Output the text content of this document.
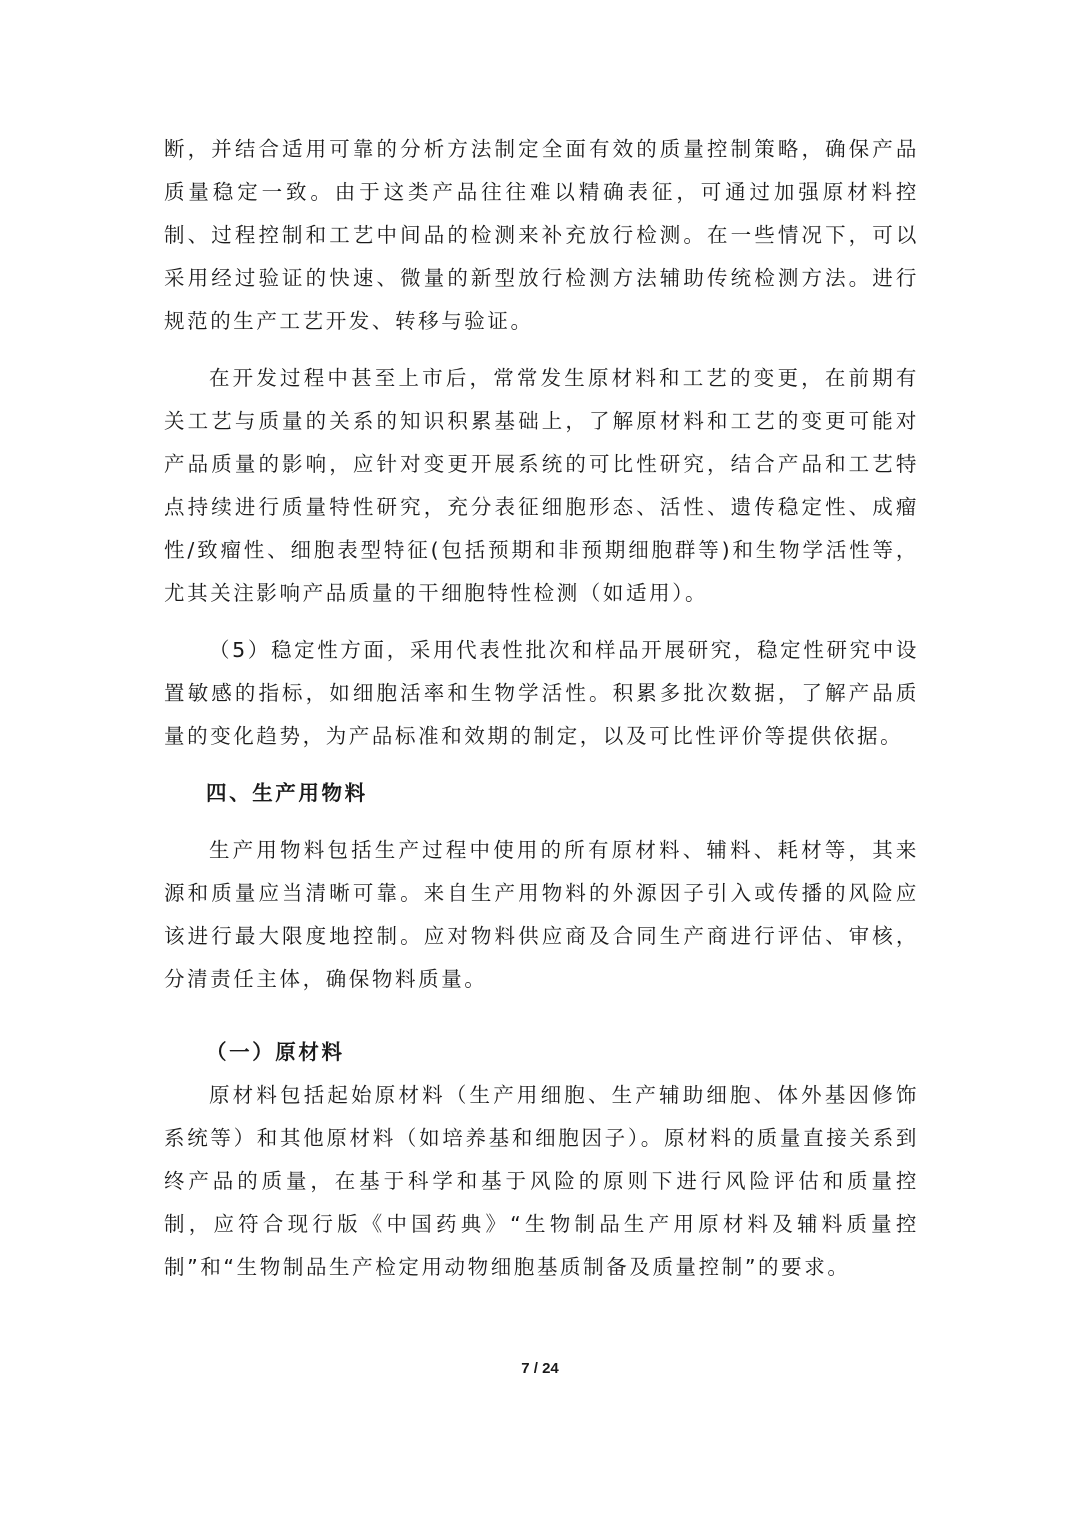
断，并结合适用可靠的分析方法制定全面有效的质量控制策略，确保产品质量稳定一致。由于这类产品往往难以精确表征，可通过加强原材料控制、过程控制和工艺中间品的检测来补充放行检测。在一些情况下，可以采用经过验证的快速、微量的新型放行检测方法辅助传统检测方法。进行规范的生产工艺开发、转移与验证。

在开发过程中甚至上市后，常常发生原材料和工艺的变更，在前期有关工艺与质量的关系的知识积累基础上，了解原材料和工艺的变更可能对产品质量的影响，应针对变更开展系统的可比性研究，结合产品和工艺特点持续进行质量特性研究，充分表征细胞形态、活性、遗传稳定性、成瘤性/致瘤性、细胞表型特征(包括预期和非预期细胞群等)和生物学活性等，尤其关注影响产品质量的干细胞特性检测（如适用）。

（5）稳定性方面，采用代表性批次和样品开展研究，稳定性研究中设置敏感的指标，如细胞活率和生物学活性。积累多批次数据，了解产品质量的变化趋势，为产品标准和效期的制定，以及可比性评价等提供依据。

四、生产用物料

生产用物料包括生产过程中使用的所有原材料、辅料、耗材等，其来源和质量应当清晰可靠。来自生产用物料的外源因子引入或传播的风险应该进行最大限度地控制。应对物料供应商及合同生产商进行评估、审核，分清责任主体，确保物料质量。

（一）原材料

原材料包括起始原材料（生产用细胞、生产辅助细胞、体外基因修饰系统等）和其他原材料（如培养基和细胞因子）。原材料的质量直接关系到终产品的质量，在基于科学和基于风险的原则下进行风险评估和质量控制，应符合现行版《中国药典》“生物制品生产用原材料及辅料质量控制”和“生物制品生产检定用动物细胞基质制备及质量控制”的要求。

7 / 24
